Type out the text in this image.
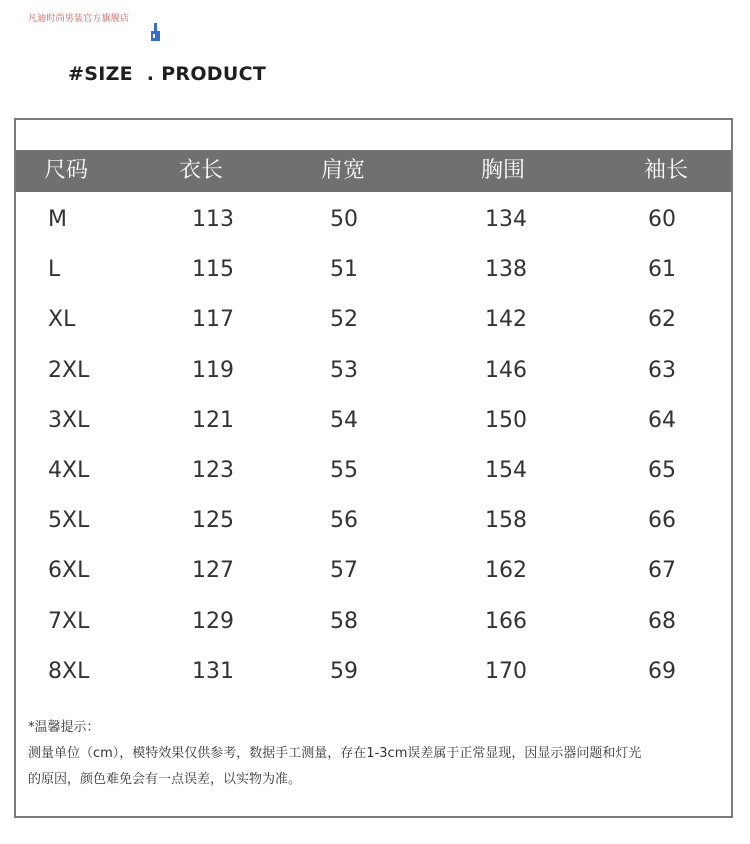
凡迪时尚男装官方旗舰店
#SIZE  . PRODUCT
尺码	衣长	肩宽	胸围	袖长
M	113	50	134	60
L	115	51	138	61
XL	117	52	142	62
2XL	119	53	146	63
3XL	121	54	150	64
4XL	123	55	154	65
5XL	125	56	158	66
6XL	127	57	162	67
7XL	129	58	166	68
8XL	131	59	170	69
*温馨提示：
测量单位（cm），模特效果仅供参考，数据手工测量，存在1-3cm误差属于正常显现，因显示器问题和灯光
的原因，颜色难免会有一点误差，以实物为准。
